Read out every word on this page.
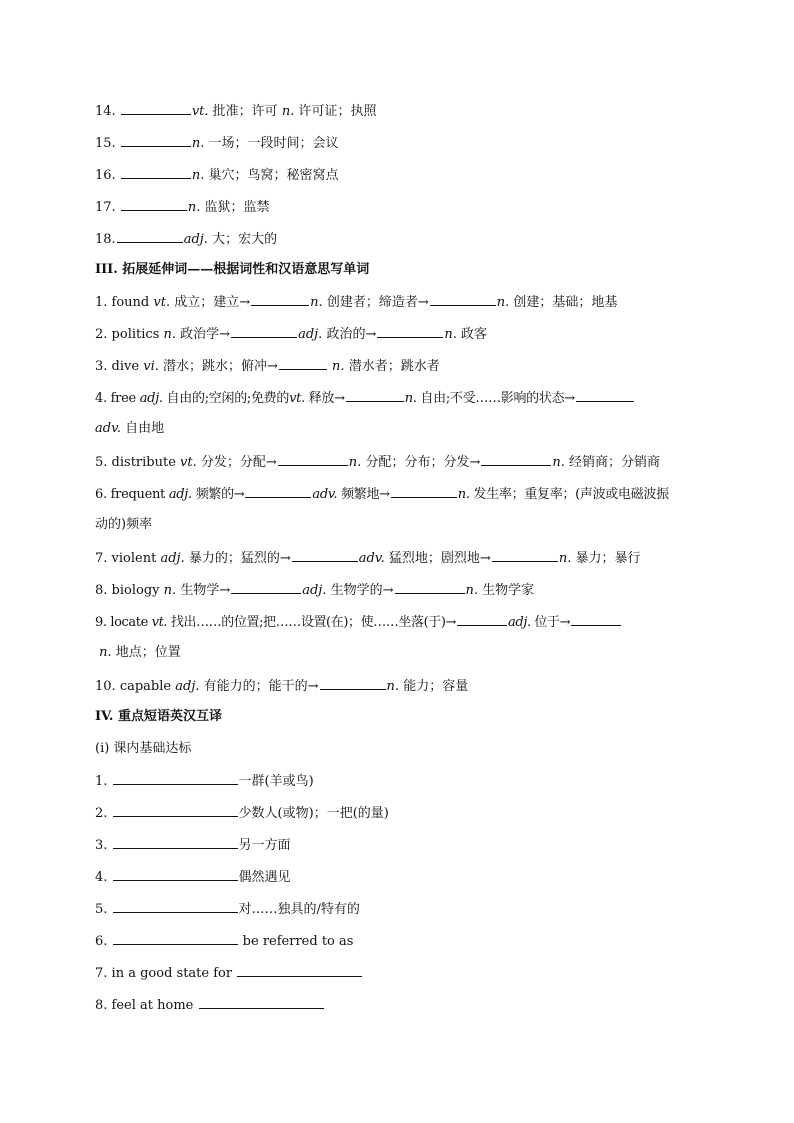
14.	vt. 批准；许可 n. 许可证；执照
15.	n. 一场；一段时间；会议
16.	n. 巢穴；鸟窝；秘密窝点
17.	n. 监狱；监禁
18.	adj. 大；宏大的
III. 拓展延伸词——根据词性和汉语意思写单词
1. found vt. 成立；建立→	n. 创建者；缔造者→	n. 创建；基础；地基
2. politics n. 政治学→	adj. 政治的→	n. 政客
3. dive vi. 潜水；跳水；俯冲→	n. 潜水者；跳水者
4. free adj. 自由的;空闲的;免费的vt. 释放→	n. 自由;不受……影响的状态→
adv. 自由地
5. distribute vt. 分发；分配→	n. 分配；分布；分发→	n. 经销商；分销商
6. frequent adj. 频繁的→	adv. 频繁地→	n. 发生率；重复率；(声波或电磁波振
动的)频率
7. violent adj. 暴力的；猛烈的→	adv. 猛烈地；剧烈地→	n. 暴力；暴行
8. biology n. 生物学→	adj. 生物学的→	n. 生物学家
9. locate vt. 找出……的位置;把……设置(在)；使……坐落(于)→	adj. 位于→
n. 地点；位置
10. capable adj. 有能力的；能干的→	n. 能力；容量
IV. 重点短语英汉互译
(i) 课内基础达标
1.	一群(羊或鸟)
2.	少数人(或物)；一把(的量)
3.	另一方面
4.	偶然遇见
5.	对……独具的/特有的
6.	be referred to as
7. in a good state for
8. feel at home
